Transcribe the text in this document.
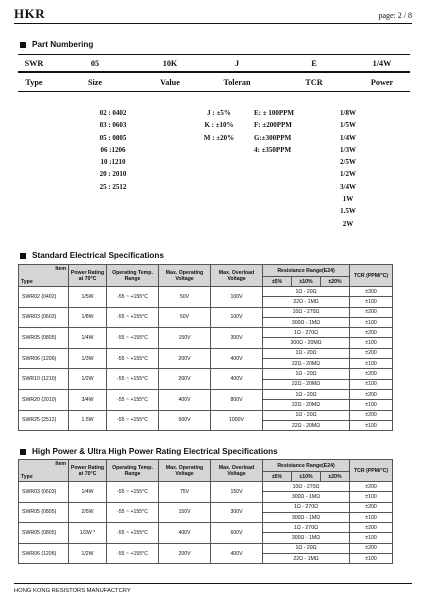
HKR	page: 2 / 8
Part Numbering
SWR	05	10K	J	E	1/4W
Type	Size	Value	Toleran	TCR	Power
02 : 0402
03 : 0603
05 : 0805
06 :1206
10 :1210
20 : 2010
25 : 2512
J : ±5%
K : ±10%
M : ±20%
E: ± 100PPM
F: ±200PPM
G:±300PPM
4: ±350PPM
1/8W
1/5W
1/4W
1/3W
2/5W
1/2W
3/4W
1W
1.5W
2W
Standard Electrical Specifications
Item
Type	Power Rating at 70°C	Operating Temp. Range	Max. Operating Voltage	Max. Overload Voltage	Resistance Range(E24)			TCR (PPM/°C)
					±5%	±10%	±20%	
SWR02 (0402)	1/5W	-55 ~ +155°C	50V	100V	1Ω - 20Ω			±300
					22Ω - 1MΩ			±100
SWR03 (0603)	1/8W	-55 ~ +155°C	50V	100V	10Ω - 270Ω			±200
					300Ω - 1MΩ			±100
SWR05 (0805)	1/4W	-55 ~ +155°C	150V	300V	1Ω - 270Ω			±200
					300Ω - 20MΩ			±100
SWR06 (1206)	1/3W	-55 ~ +155°C	200V	400V	1Ω - 20Ω			±200
					22Ω - 20MΩ			±100
SWR10 (1210)	1/2W	-55 ~ +155°C	200V	400V	1Ω - 20Ω			±200
					22Ω - 20MΩ			±100
SWR20 (2010)	3/4W	-55 ~ +155°C	400V	800V	1Ω - 20Ω			±200
					22Ω - 20MΩ			±100
SWR25 (2512)	1.5W	-55 ~ +155°C	500V	1000V	1Ω - 20Ω			±200
					22Ω - 20MΩ			±100
High Power & Ultra High Power Rating Electrical Specifications
Item
Type	Power Rating at 70°C	Operating Temp. Range	Max. Operating Voltage	Max. Overload Voltage	Resistance Range(E24)			TCR (PPM/°C)
					±5%	±10%	±20%	
SWR03 (0603)	1/4W	-55 ~ +155°C	75V	150V	10Ω - 270Ω			±200
					300Ω - 1MΩ			±100
SWR05 (0805)	2/5W	-55 ~ +155°C	150V	300V	1Ω - 270Ω			±200
					300Ω - 1MΩ			±100
SWR05 (0805)	1/2W *	-55 ~ +155°C	400V	600V	1Ω - 270Ω			±200
					300Ω - 1MΩ			±100
SWR06 (1206)	1/2W	-55 ~ +155°C	200V	400V	1Ω - 20Ω			±200
					22Ω - 1MΩ			±100
HONG KONG RESISTORS MANUFACTCRY
